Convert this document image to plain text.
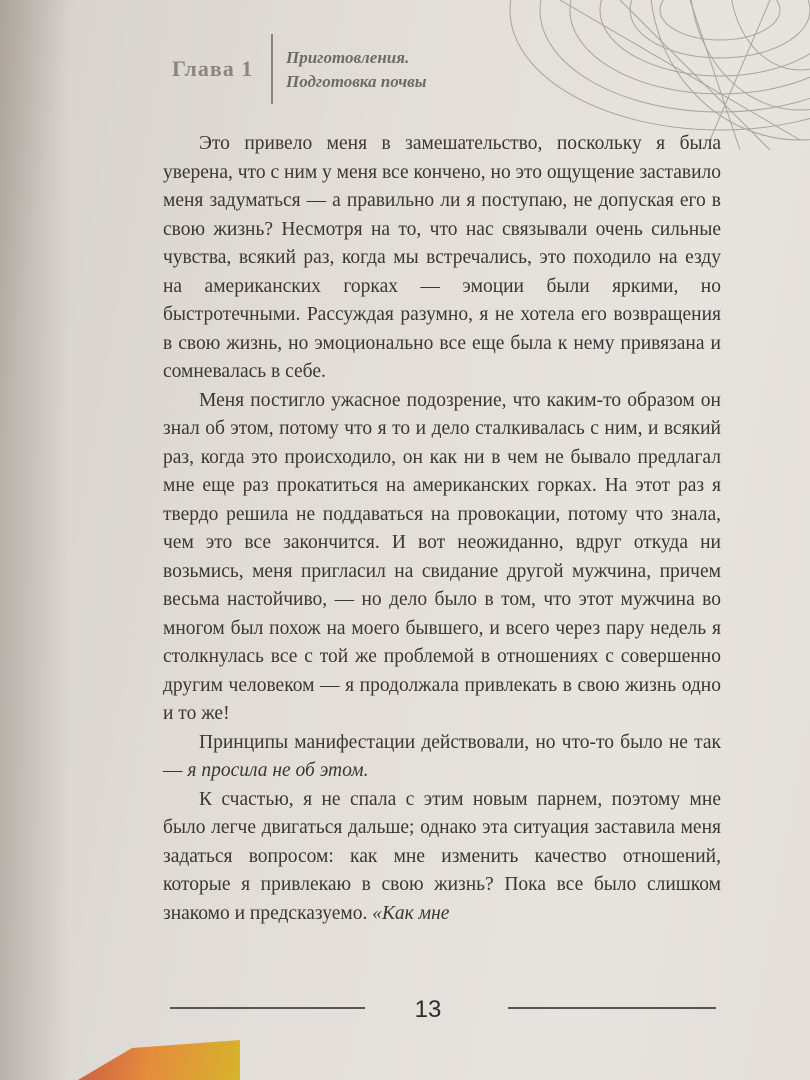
Глава 1 Приготовления.
Подготовка почвы

Это привело меня в замешательство, поскольку я была уверена, что с ним у меня все кончено, но это ощущение заставило меня задуматься — а правильно ли я поступаю, не допуская его в свою жизнь? Несмотря на то, что нас связывали очень сильные чувства, всякий раз, когда мы встречались, это походило на езду на американских горках — эмоции были яркими, но быстротечными. Рассуждая разумно, я не хотела его возвращения в свою жизнь, но эмоционально все еще была к нему привязана и сомневалась в себе.

Меня постигло ужасное подозрение, что каким-то образом он знал об этом, потому что я то и дело сталкивалась с ним, и всякий раз, когда это происходило, он как ни в чем не бывало предлагал мне еще раз прокатиться на американских горках. На этот раз я твердо решила не поддаваться на провокации, потому что знала, чем это все закончится. И вот неожиданно, вдруг откуда ни возьмись, меня пригласил на свидание другой мужчина, причем весьма настойчиво, — но дело было в том, что этот мужчина во многом был похож на моего бывшего, и всего через пару недель я столкнулась все с той же проблемой в отношениях с совершенно другим человеком — я продолжала привлекать в свою жизнь одно и то же!

Принципы манифестации действовали, но что-то было не так — я просила не об этом.

К счастью, я не спала с этим новым парнем, поэтому мне было легче двигаться дальше; однако эта ситуация заставила меня задаться вопросом: как мне изменить качество отношений, которые я привлекаю в свою жизнь? Пока все было слишком знакомо и предсказуемо. «Как мне

13
